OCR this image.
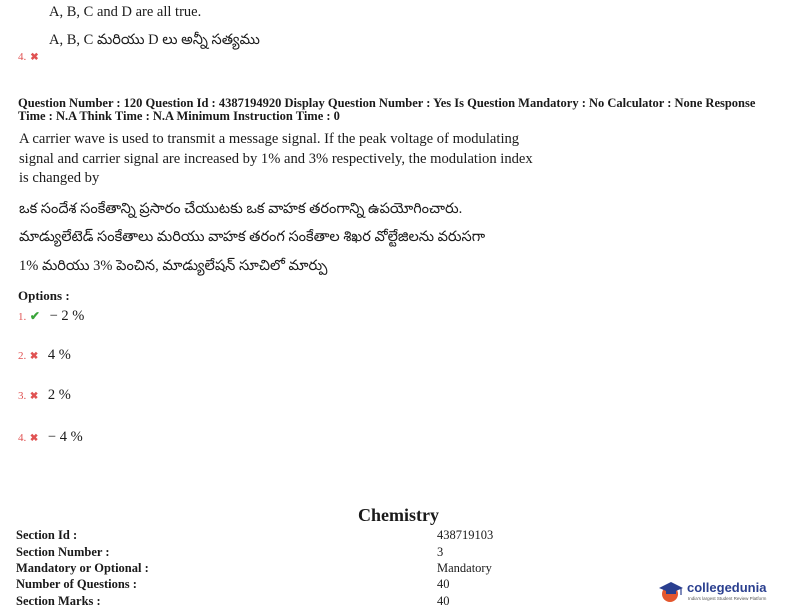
A, B, C and D are all true.
A, B, C మరియు D లు అన్నీ సత్యము
4. ✖
Question Number : 120 Question Id : 4387194920 Display Question Number : Yes Is Question Mandatory : No Calculator : None Response Time : N.A Think Time : N.A Minimum Instruction Time : 0
A carrier wave is used to transmit a message signal. If the peak voltage of modulating signal and carrier signal are increased by 1% and 3% respectively, the modulation index is changed by
ఒక సందేశ సంకేతాన్ని ప్రసారం చేయుటకు ఒక వాహక తరంగాన్ని ఉపయోగించారు.
మాడ్యులేటెడ్ సంకేతాలు మరియు వాహక తరంగ సంకేతాల శిఖర వోల్టేజిలను వరుసగా
1% మరియు 3% పెంచిన, మాడ్యులేషన్ సూచిలో మార్పు
Options :
1. ✔ − 2 %
2. ✖ 4 %
3. ✖ 2 %
4. ✖ − 4 %
Chemistry
Section Id :	438719103
Section Number :	3
Mandatory or Optional :	Mandatory
Number of Questions :	40
Section Marks :	40
collegedunia
India's largest Student Review Platform
